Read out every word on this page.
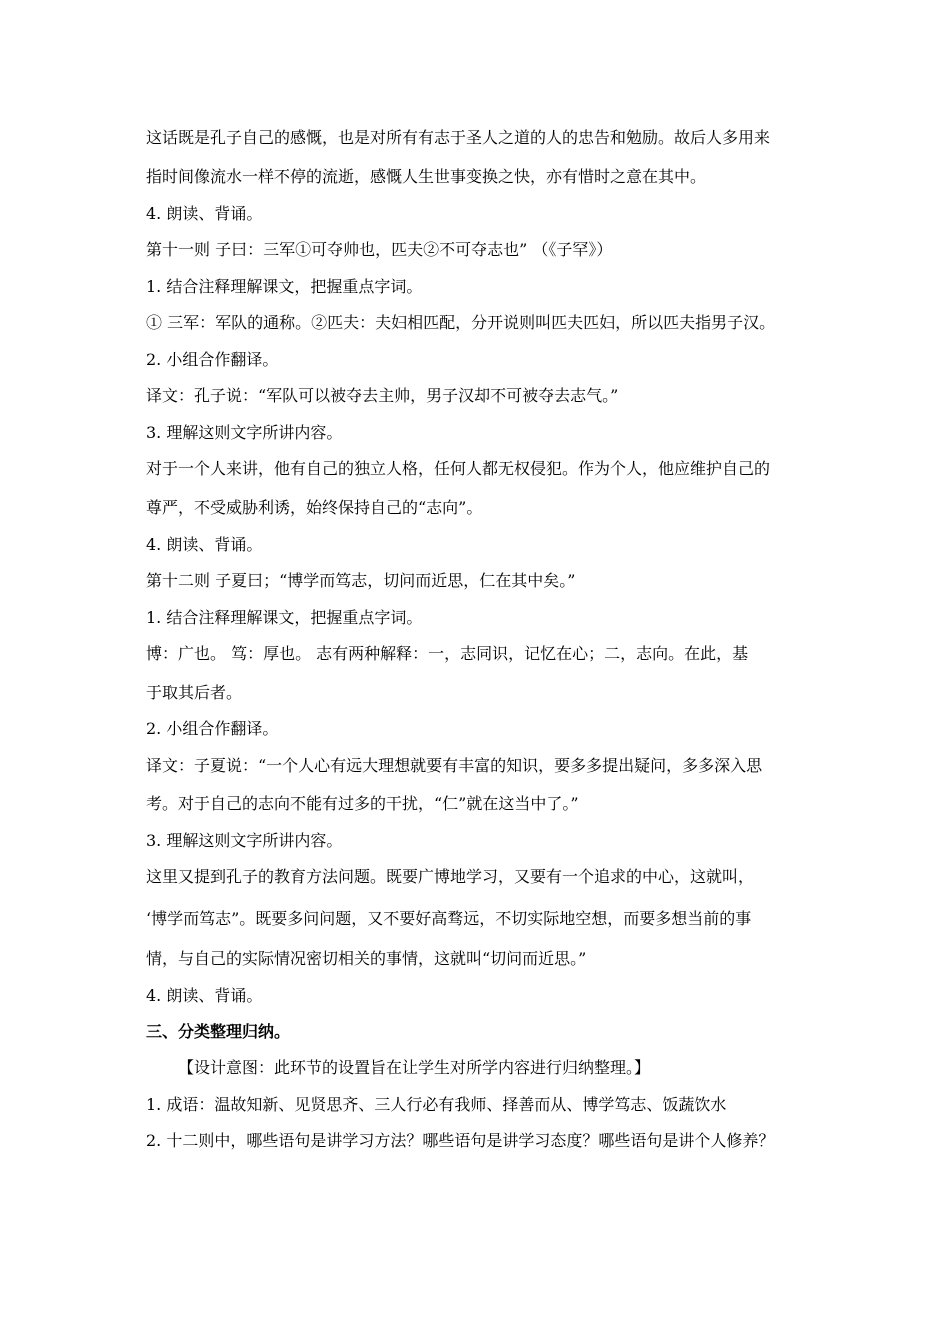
这话既是孔子自己的感慨，也是对所有有志于圣人之道的人的忠告和勉励。故后人多用来
指时间像流水一样不停的流逝，感慨人生世事变换之快，亦有惜时之意在其中。
4. 朗读、背诵。
第十一则 子曰：三军①可夺帅也，匹夫②不可夺志也” （《子罕》）
1. 结合注释理解课文，把握重点字词。
① 三军：军队的通称。②匹夫：夫妇相匹配，分开说则叫匹夫匹妇，所以匹夫指男子汉。
2. 小组合作翻译。
译文：孔子说：“军队可以被夺去主帅，男子汉却不可被夺去志气。”
3. 理解这则文字所讲内容。
对于一个人来讲，他有自己的独立人格，任何人都无权侵犯。作为个人，他应维护自己的
尊严，不受威胁利诱，始终保持自己的“志向”。
4. 朗读、背诵。
第十二则 子夏曰；“博学而笃志，切问而近思，仁在其中矣。”
1. 结合注释理解课文，把握重点字词。
博：广也。 笃：厚也。 志有两种解释：一，志同识，记忆在心；二，志向。在此，基
于取其后者。
2. 小组合作翻译。
译文：子夏说：“一个人心有远大理想就要有丰富的知识，要多多提出疑问，多多深入思
考。对于自己的志向不能有过多的干扰，“仁”就在这当中了。”
3. 理解这则文字所讲内容。
这里又提到孔子的教育方法问题。既要广博地学习，又要有一个追求的中心，这就叫，
‘博学而笃志”。既要多问问题，又不要好高骛远，不切实际地空想，而要多想当前的事
情，与自己的实际情况密切相关的事情，这就叫“切问而近思。”
4. 朗读、背诵。
三、分类整理归纳。
【设计意图：此环节的设置旨在让学生对所学内容进行归纳整理。】
1. 成语：温故知新、见贤思齐、三人行必有我师、择善而从、博学笃志、饭蔬饮水
2. 十二则中，哪些语句是讲学习方法？哪些语句是讲学习态度？哪些语句是讲个人修养？
